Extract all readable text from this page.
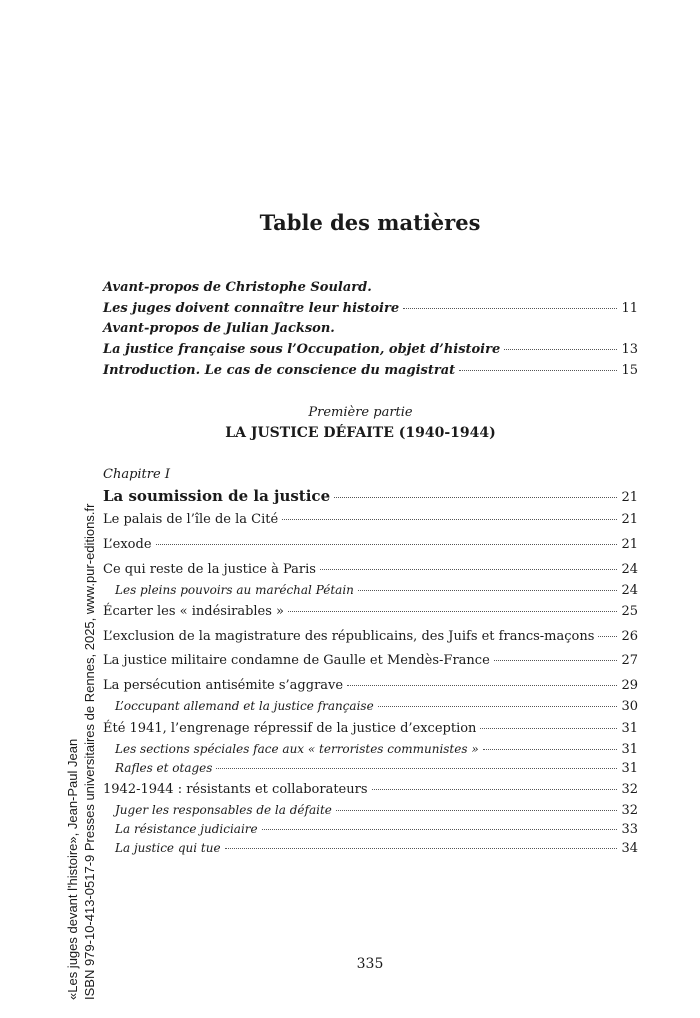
Table des matières
Avant-propos de Christophe Soulard.
Les juges doivent connaître leur histoire	11
Avant-propos de Julian Jackson.
La justice française sous l’Occupation, objet d’histoire	13
Introduction. Le cas de conscience du magistrat	15
Première partie
LA JUSTICE DÉFAITE (1940-1944)
Chapitre I
La soumission de la justice	21
Le palais de l’île de la Cité	21
L’exode	21
Ce qui reste de la justice à Paris	24
Les pleins pouvoirs au maréchal Pétain	24
Écarter les « indésirables »	25
L’exclusion de la magistrature des républicains, des Juifs et francs-maçons 26
La justice militaire condamne de Gaulle et Mendès-France	27
La persécution antisémite s’aggrave	29
L’occupant allemand et la justice française	30
Été 1941, l’engrenage répressif de la justice d’exception	31
Les sections spéciales face aux « terroristes communistes »	31
Rafles et otages	31
1942-1944 : résistants et collaborateurs	32
Juger les responsables de la défaite	32
La résistance judiciaire	33
La justice qui tue	34
«Les juges devant l'histoire», Jean-Paul Jean ISBN 979-10-413-0517-9 Presses universitaires de Rennes, 2025, www.pur-editions.fr	335
